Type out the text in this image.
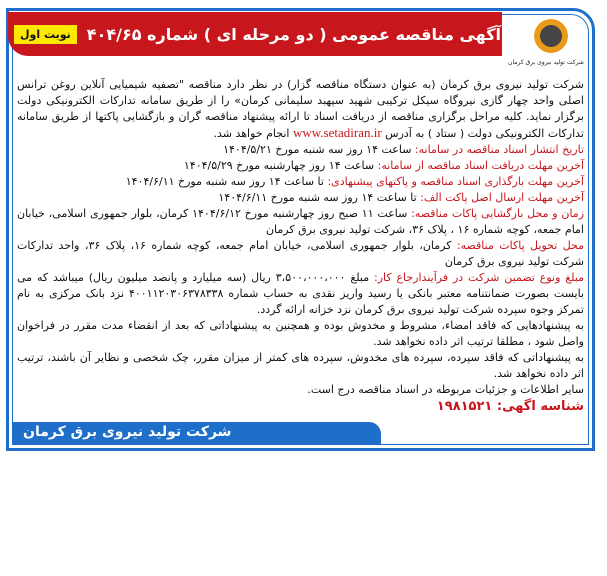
نوبت اول	آگهی مناقصه عمومی ( دو مرحله ای ) شماره ۴۰۴/۶۵
شرکت تولید نیروی برق کرمان

شرکت تولید نیروی برق کرمان (به عنوان دستگاه مناقصه گزار) در نظر دارد مناقصه "تصفیه شیمیایی آنلاین روغن ترانس اصلی واحد چهار گازی نیروگاه سیکل ترکیبی شهید سپهبد سلیمانی کرمان» را از طریق سامانه تدارکات الکترونیکی دولت برگزار نماید. کلیه مراحل برگزاری مناقصه از دریافت اسناد تا ارائه پیشنهاد مناقصه گران و بازگشایی پاکتها از طریق سامانه تدارکات الکترونیکی دولت ( ستاد ) به آدرس www.setadiran.ir انجام خواهد شد.

تاریخ انتشار اسناد مناقصه در سامانه: ساعت ۱۴ روز سه شنبه مورخ ۱۴۰۴/۵/۲۱

آخرین مهلت دریافت اسناد مناقصه از سامانه: ساعت ۱۴ روز چهارشنبه مورخ ۱۴۰۴/۵/۲۹

آخرین مهلت بارگذاری اسناد مناقصه و پاکتهای پیشنهادی: تا ساعت ۱۴ روز سه شنبه مورخ ۱۴۰۴/۶/۱۱

آخرین مهلت ارسال اصل پاکت الف: تا ساعت ۱۴ روز سه شنبه مورخ ۱۴۰۴/۶/۱۱

زمان و محل بازگشایی پاکات مناقصه: ساعت ۱۱ صبح روز چهارشنبه مورخ ۱۴۰۴/۶/۱۲ کرمان، بلوار جمهوری اسلامی، خیابان امام جمعه، کوچه شماره ۱۶ ، پلاک ۳۶، شرکت تولید نیروی برق کرمان

محل تحویل پاکات مناقصه: کرمان، بلوار جمهوری اسلامی، خیابان امام جمعه، کوچه شماره ۱۶، پلاک ۳۶، واحد تدارکات شرکت تولید نیروی برق کرمان

مبلغ ونوع تضمین شرکت در فرآیندارجاع کار: مبلغ ۳،۵۰۰،۰۰۰،۰۰۰ ریال (سه میلیارد و پانصد میلیون ریال) میباشد که می بایست بصورت ضمانتنامه معتبر بانکی یا رسید واریز نقدی به حساب شماره ۴۰۰۱۱۲۰۳۰۶۳۷۸۳۳۸ نزد بانک مرکزی به نام تمرکز وجوه سپرده شرکت تولید نیروی برق کرمان نزد خزانه ارائه گردد.

به پیشنهادهایی که فاقد امضاء، مشروط و مخدوش بوده و همچنین به پیشنهاداتی که بعد از انقضاء مدت مقرر در فراخوان واصل شود ، مطلقا ترتیب اثر داده نخواهد شد.

به پیشنهاداتی که فاقد سپرده، سپرده های مخدوش، سپرده های کمتر از میزان مقرر، چک شخصی و نظایر آن باشند، ترتیب اثر داده نخواهد شد.

سایر اطلاعات و جزئیات مربوطه در اسناد مناقصه درج است.

شناسه اگهی: ۱۹۸۱۵۲۱

شرکت تولید نیروی برق کرمان
